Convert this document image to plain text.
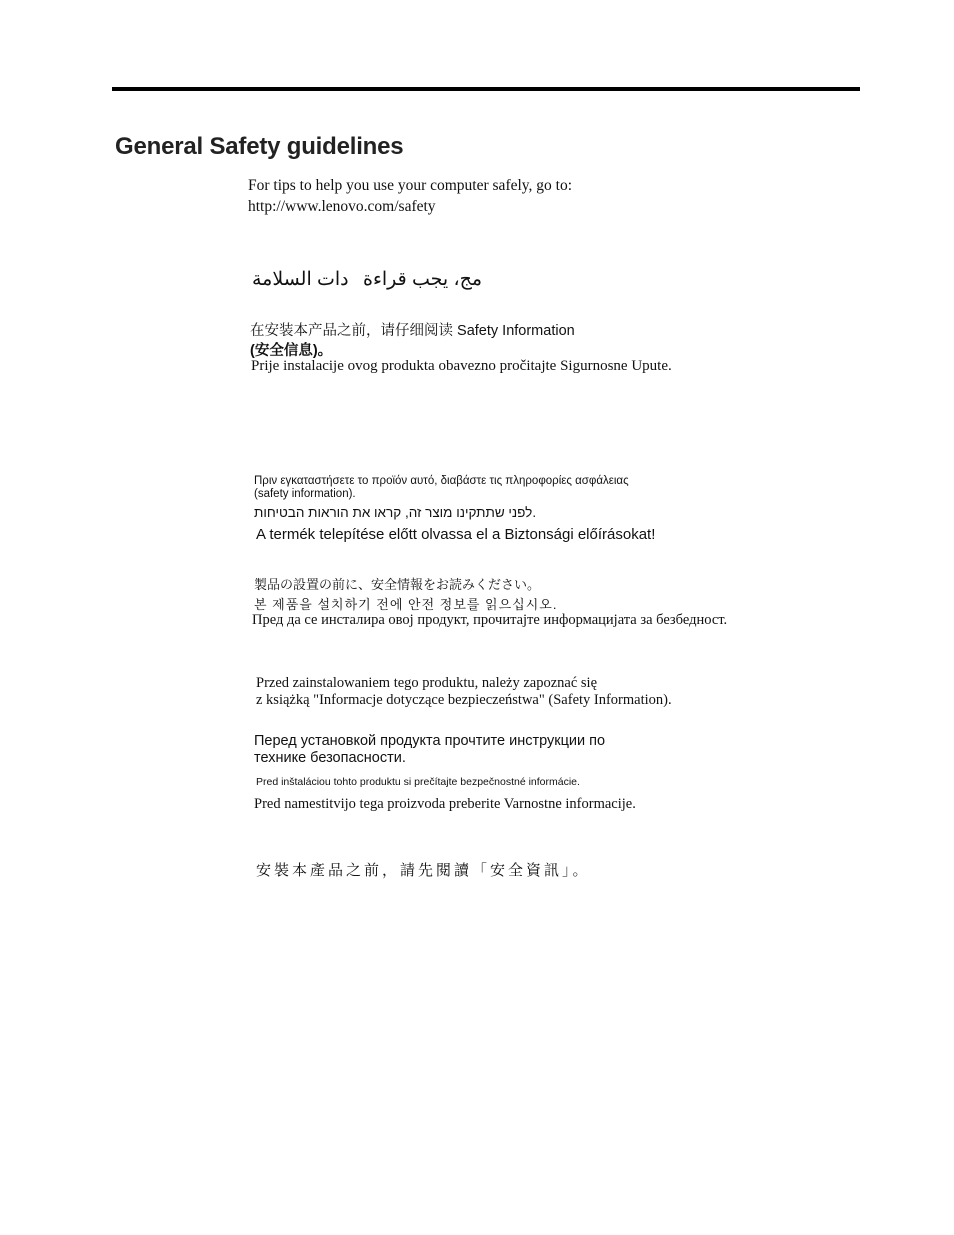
General Safety guidelines
For tips to help you use your computer safely, go to:
http://www.lenovo.com/safety
مج، يجب قراءة
دات السلامة
在安装本产品之前，请仔细阅读 Safety Information
(安全信息)。
Prije instalacije ovog produkta obavezno pročitajte Sigurnosne Upute.
Πριν εγκαταστήσετε το προϊόν αυτό, διαβάστε τις πληροφορίες ασφάλειας
(safety information).
לפני שתתקינו מוצר זה, קראו את הוראות הבטיחות.
A termék telepítése előtt olvassa el a Biztonsági előírásokat!
製品の設置の前に、安全情報をお読みください。
본 제품을 설치하기 전에 안전 정보를 읽으십시오.
Пред да се инсталира овој продукт, прочитајте информацијата за безбедност.
Przed zainstalowaniem tego produktu, należy zapoznać się
z książką "Informacje dotyczące bezpieczeństwa" (Safety Information).
Перед установкой продукта прочтите инструкции по
технике безопасности.
Pred inštaláciou tohto produktu si prečítajte bezpečnostné informácie.
Pred namestitvijo tega proizvoda preberite Varnostne informacije.
安裝本產品之前，請先閱讀「安全資訊」。
